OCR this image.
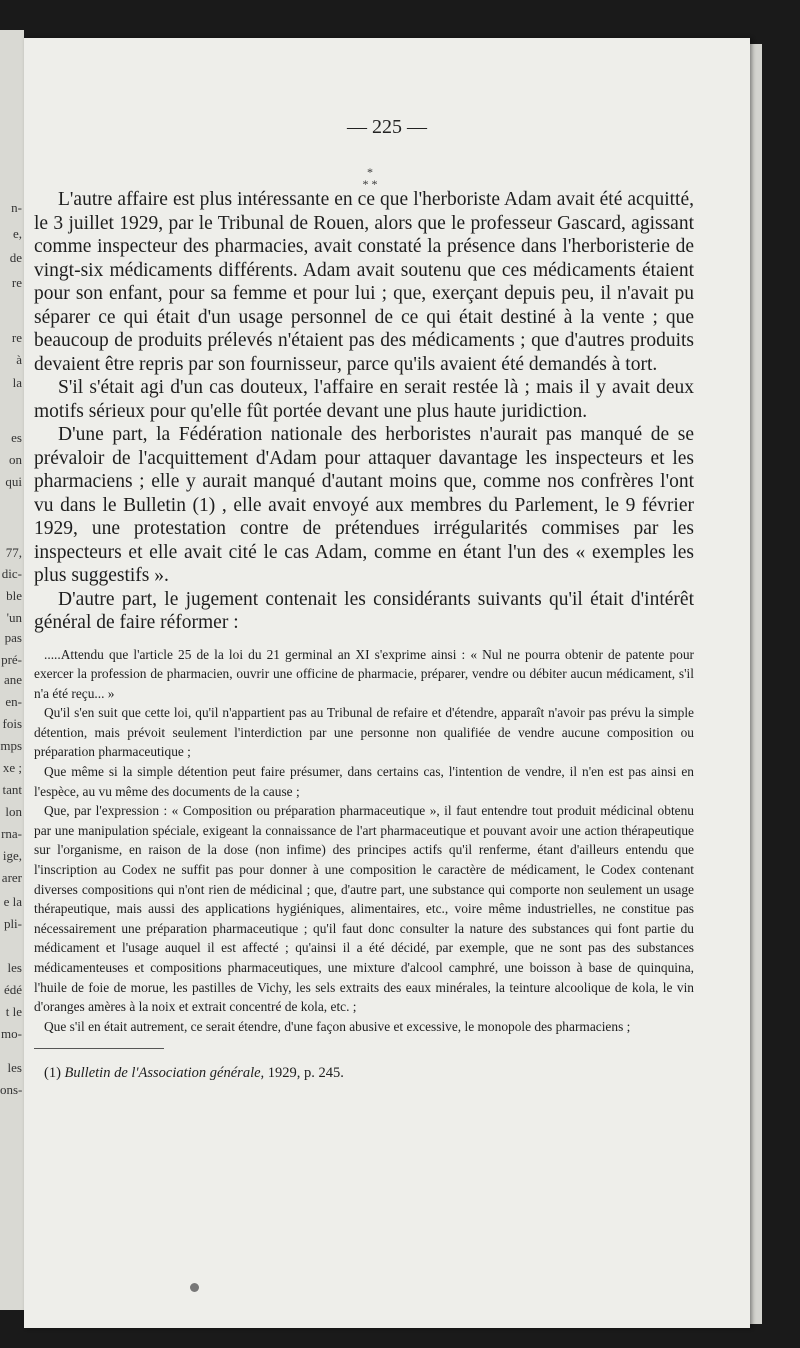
n-
e,
de
re
re
à
la
es
on
qui
77,
dic-
ble
'un
pas
pré-
ane
en-
fois
mps
xe ;
tant
lon
rna-
ige,
arer
e la
pli-
les
édé
t le
mo-
les
ons-
— 225 —
*
* *

L'autre affaire est plus intéressante en ce que l'herboriste Adam avait été acquitté, le 3 juillet 1929, par le Tribunal de Rouen, alors que le professeur Gascard, agissant comme inspecteur des pharmacies, avait constaté la présence dans l'herboristerie de vingt-six médicaments différents. Adam avait soutenu que ces médicaments étaient pour son enfant, pour sa femme et pour lui ; que, exerçant depuis peu, il n'avait pu séparer ce qui était d'un usage personnel de ce qui était destiné à la vente ; que beaucoup de produits prélevés n'étaient pas des médicaments ; que d'autres produits devaient être repris par son fournisseur, parce qu'ils avaient été demandés à tort.

S'il s'était agi d'un cas douteux, l'affaire en serait restée là ; mais il y avait deux motifs sérieux pour qu'elle fût portée devant une plus haute juridiction.

D'une part, la Fédération nationale des herboristes n'aurait pas manqué de se prévaloir de l'acquittement d'Adam pour attaquer davantage les inspecteurs et les pharmaciens ; elle y aurait manqué d'autant moins que, comme nos confrères l'ont vu dans le Bulletin (1) , elle avait envoyé aux membres du Parlement, le 9 février 1929, une protestation contre de prétendues irrégularités commises par les inspecteurs et elle avait cité le cas Adam, comme en étant l'un des « exemples les plus suggestifs ».

D'autre part, le jugement contenait les considérants suivants qu'il était d'intérêt général de faire réformer :

.....Attendu que l'article 25 de la loi du 21 germinal an XI s'exprime ainsi : « Nul ne pourra obtenir de patente pour exercer la profession de pharmacien, ouvrir une officine de pharmacie, préparer, vendre ou débiter aucun médicament, s'il n'a été reçu... »

Qu'il s'en suit que cette loi, qu'il n'appartient pas au Tribunal de refaire et d'étendre, apparaît n'avoir pas prévu la simple détention, mais prévoit seulement l'interdiction par une personne non qualifiée de vendre aucune composition ou préparation pharmaceutique ;

Que même si la simple détention peut faire présumer, dans certains cas, l'intention de vendre, il n'en est pas ainsi en l'espèce, au vu même des documents de la cause ;

Que, par l'expression : « Composition ou préparation pharmaceutique », il faut entendre tout produit médicinal obtenu par une manipulation spéciale, exigeant la connaissance de l'art pharmaceutique et pouvant avoir une action thérapeutique sur l'organisme, en raison de la dose (non infime) des principes actifs qu'il renferme, étant d'ailleurs entendu que l'inscription au Codex ne suffit pas pour donner à une composition le caractère de médicament, le Codex contenant diverses compositions qui n'ont rien de médicinal ; que, d'autre part, une substance qui comporte non seulement un usage thérapeutique, mais aussi des applications hygiéniques, alimentaires, etc., voire même industrielles, ne constitue pas nécessairement une préparation pharmaceutique ; qu'il faut donc consulter la nature des substances qui font partie du médicament et l'usage auquel il est affecté ; qu'ainsi il a été décidé, par exemple, que ne sont pas des substances médicamenteuses et compositions pharmaceutiques, une mixture d'alcool camphré, une boisson à base de quinquina, l'huile de foie de morue, les pastilles de Vichy, les sels extraits des eaux minérales, la teinture alcoolique de kola, le vin d'oranges amères à la noix et extrait concentré de kola, etc. ;

Que s'il en était autrement, ce serait étendre, d'une façon abusive et excessive, le monopole des pharmaciens ;

(1) Bulletin de l'Association générale, 1929, p. 245.
